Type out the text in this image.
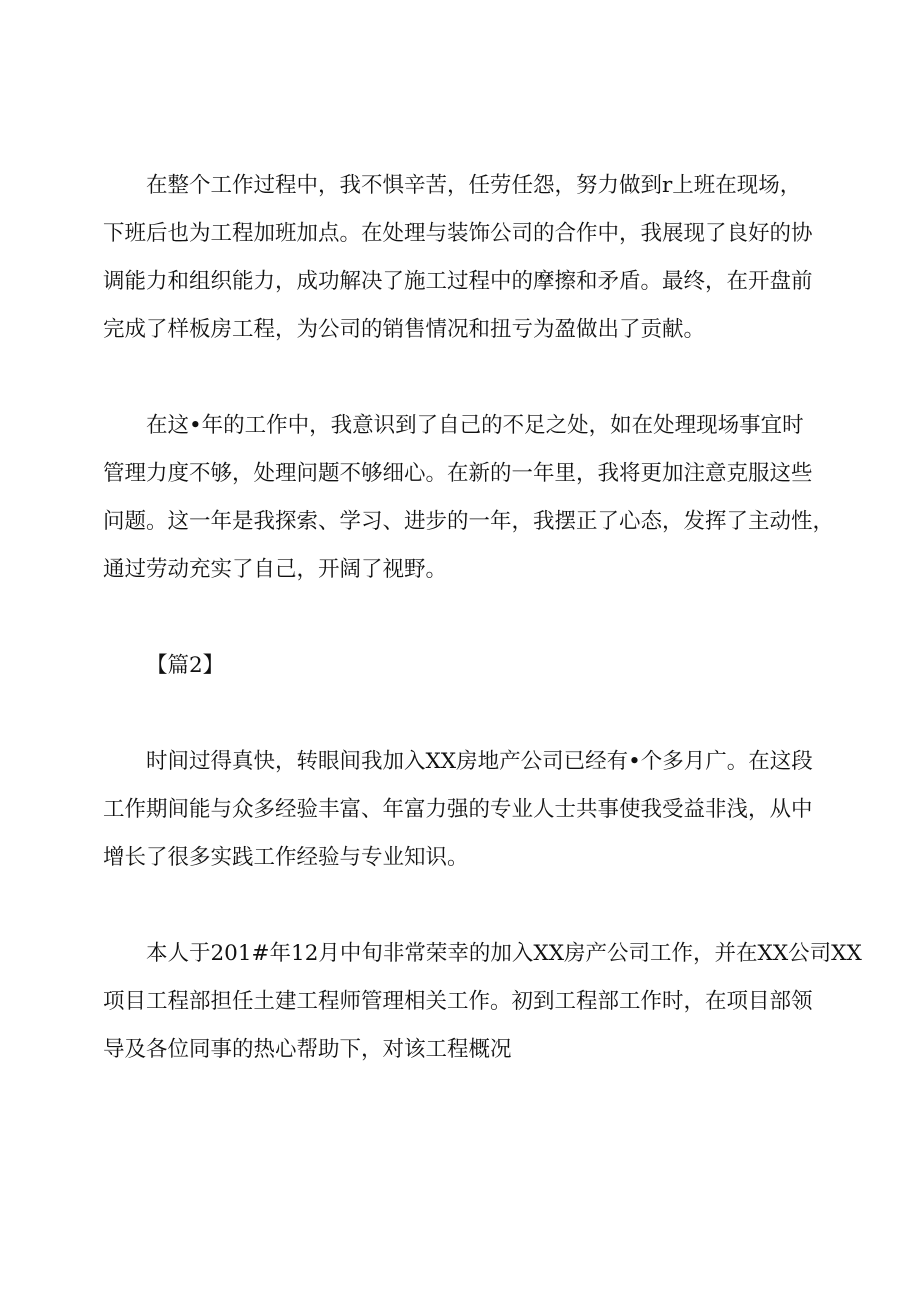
在整个工作过程中，我不惧辛苦，任劳任怨，努力做到r上班在现场，
下班后也为工程加班加点。在处理与装饰公司的合作中，我展现了良好的协
调能力和组织能力，成功解决了施工过程中的摩擦和矛盾。最终，在开盘前
完成了样板房工程，为公司的销售情况和扭亏为盈做出了贡献。
在这•年的工作中，我意识到了自己的不足之处，如在处理现场事宜时
管理力度不够，处理问题不够细心。在新的一年里，我将更加注意克服这些
问题。这一年是我探索、学习、进步的一年，我摆正了心态，发挥了主动性，
通过劳动充实了自己，开阔了视野。
【篇2】
时间过得真快，转眼间我加入XX房地产公司已经有•个多月广。在这段
工作期间能与众多经验丰富、年富力强的专业人士共事使我受益非浅，从中
增长了很多实践工作经验与专业知识。
本人于201#年12月中旬非常荣幸的加入XX房产公司工作，并在XX公司XX
项目工程部担任土建工程师管理相关工作。初到工程部工作时，在项目部领
导及各位同事的热心帮助下，对该工程概况
